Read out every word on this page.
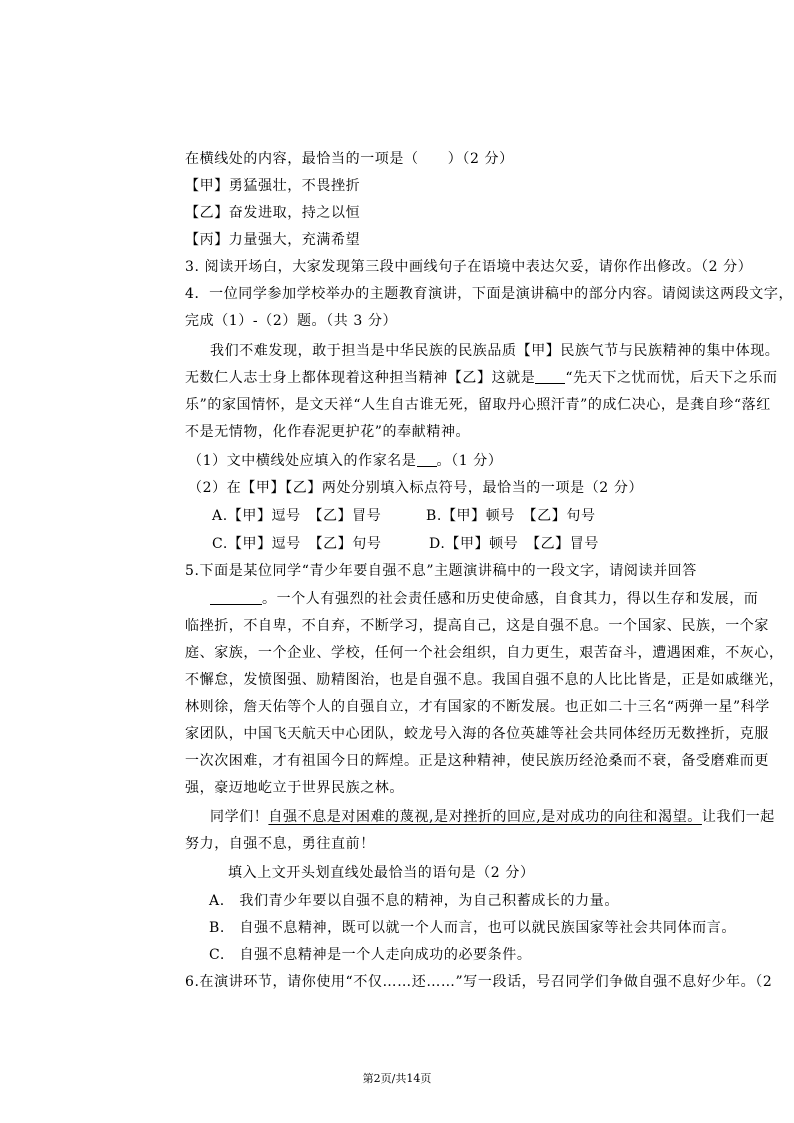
在横线处的内容，最恰当的一项是（　　）（2 分）
【甲】勇猛强壮，不畏挫折
【乙】奋发进取，持之以恒
【丙】力量强大，充满希望
3. 阅读开场白，大家发现第三段中画线句子在语境中表达欠妥，请你作出修改。（2 分）
4．一位同学参加学校举办的主题教育演讲，下面是演讲稿中的部分内容。请阅读这两段文字，
完成（1）-（2）题。（共 3 分）
我们不难发现，敢于担当是中华民族的民族品质【甲】民族气节与民族精神的集中体现。
无数仁人志士身上都体现着这种担当精神【乙】这就是 “先天下之忧而忧，后天下之乐而
乐”的家国情怀，是文天祥“人生自古谁无死，留取丹心照汗青”的成仁决心，是龚自珍“落红
不是无情物，化作春泥更护花”的奉献精神。
（1）文中横线处应填入的作家名是 。（1 分）
（2）在【甲】【乙】两处分别填入标点符号，最恰当的一项是（2 分）
A.【甲】逗号　【乙】冒号	B.【甲】顿号　【乙】句号
C.【甲】逗号　【乙】句号	D.【甲】顿号　【乙】冒号
5.下面是某位同学“青少年要自强不息”主题演讲稿中的一段文字，请阅读并回答
。一个人有强烈的社会责任感和历史使命感，自食其力，得以生存和发展，而
临挫折，不自卑，不自弃，不断学习，提高自己，这是自强不息。一个国家、民族，一个家
庭、家族，一个企业、学校，任何一个社会组织，自力更生，艰苦奋斗，遭遇困难，不灰心，
不懈怠，发愤图强、励精图治，也是自强不息。我国自强不息的人比比皆是，正是如戚继光，
林则徐，詹天佑等个人的自强自立，才有国家的不断发展。也正如二十三名“两弹一星”科学
家团队，中国飞天航天中心团队，蛟龙号入海的各位英雄等社会共同体经历无数挫折，克服
一次次困难，才有祖国今日的辉煌。正是这种精神，使民族历经沧桑而不衰，备受磨难而更
强，豪迈地屹立于世界民族之林。
同学们！自强不息是对困难的蔑视,是对挫折的回应,是对成功的向往和渴望。让我们一起
努力，自强不息，勇往直前！
填入上文开头划直线处最恰当的语句是（2 分）
A.　我们青少年要以自强不息的精神，为自己积蓄成长的力量。
B.　自强不息精神，既可以就一个人而言，也可以就民族国家等社会共同体而言。
C.　自强不息精神是一个人走向成功的必要条件。
6.在演讲环节，请你使用“不仅……还……”写一段话，号召同学们争做自强不息好少年。（2
第2页/共14页
